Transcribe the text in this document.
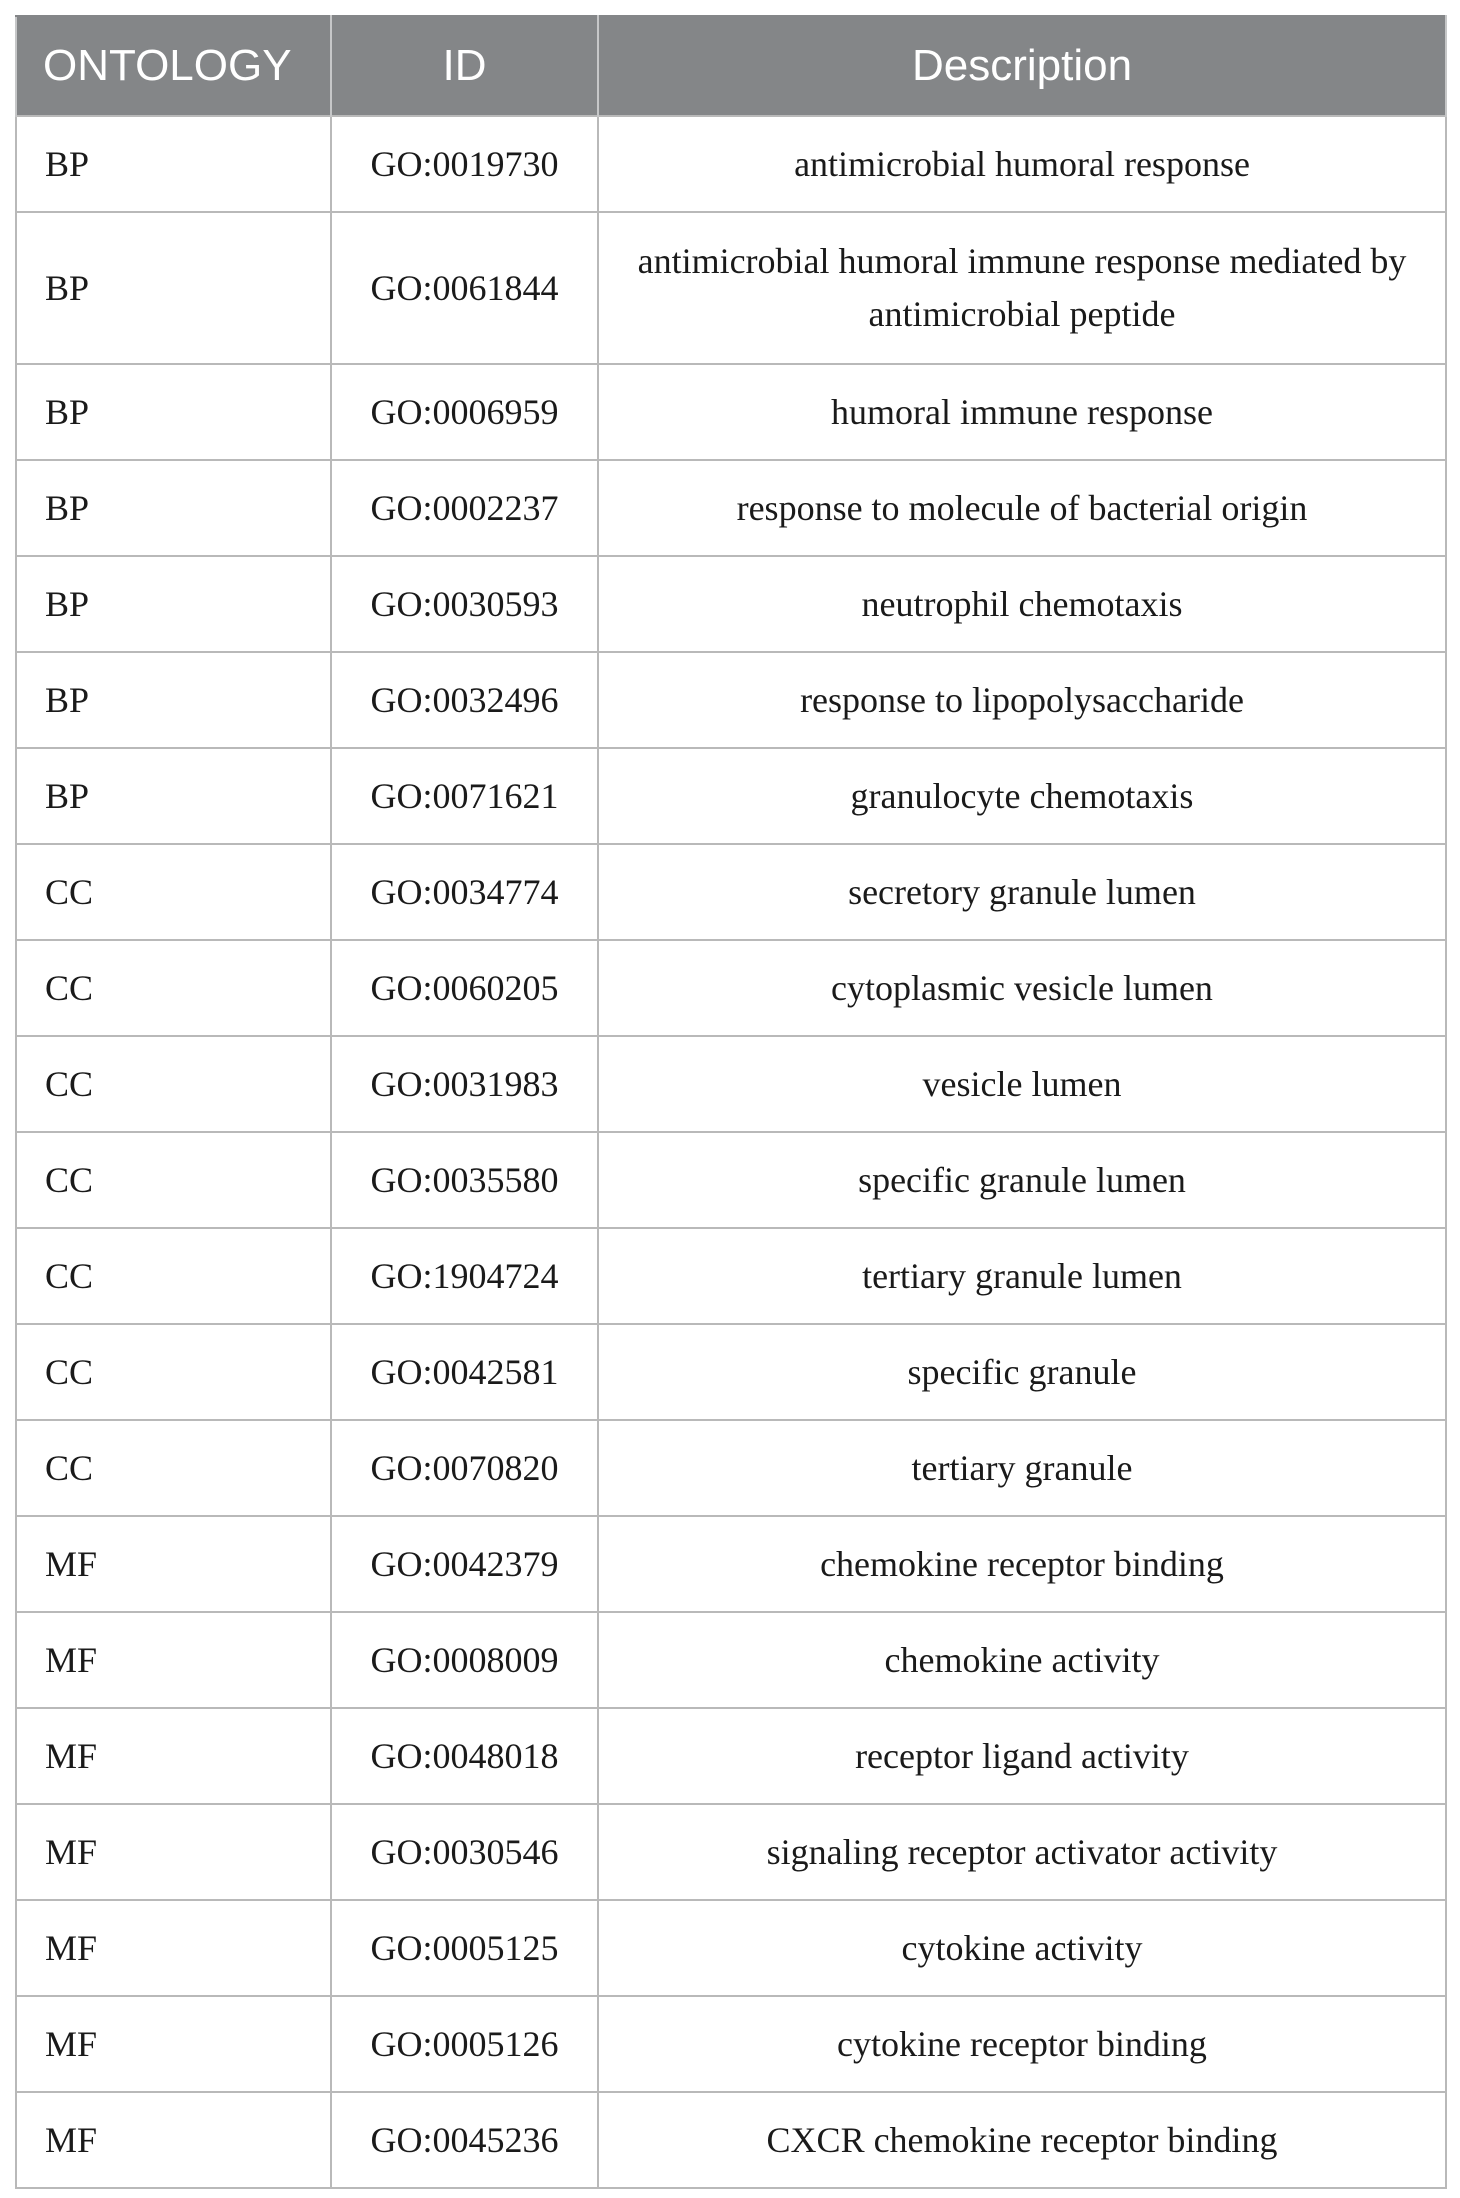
ONTOLOGY	ID	Description
BP	GO:0019730	antimicrobial humoral response
BP	GO:0061844	antimicrobial humoral immune response mediated by antimicrobial peptide
BP	GO:0006959	humoral immune response
BP	GO:0002237	response to molecule of bacterial origin
BP	GO:0030593	neutrophil chemotaxis
BP	GO:0032496	response to lipopolysaccharide
BP	GO:0071621	granulocyte chemotaxis
CC	GO:0034774	secretory granule lumen
CC	GO:0060205	cytoplasmic vesicle lumen
CC	GO:0031983	vesicle lumen
CC	GO:0035580	specific granule lumen
CC	GO:1904724	tertiary granule lumen
CC	GO:0042581	specific granule
CC	GO:0070820	tertiary granule
MF	GO:0042379	chemokine receptor binding
MF	GO:0008009	chemokine activity
MF	GO:0048018	receptor ligand activity
MF	GO:0030546	signaling receptor activator activity
MF	GO:0005125	cytokine activity
MF	GO:0005126	cytokine receptor binding
MF	GO:0045236	CXCR chemokine receptor binding
